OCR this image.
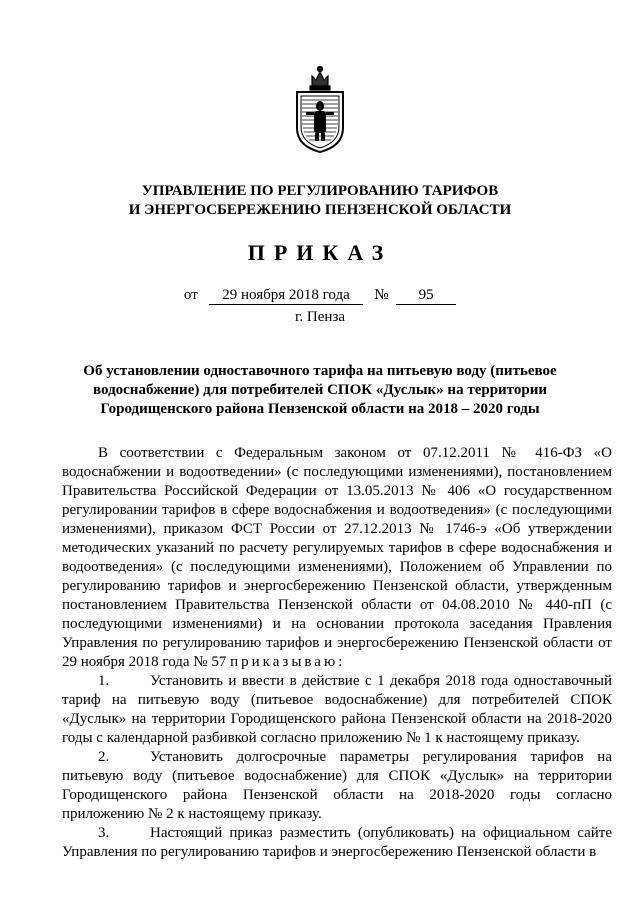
УПРАВЛЕНИЕ ПО РЕГУЛИРОВАНИЮ ТАРИФОВ
И ЭНЕРГОСБЕРЕЖЕНИЮ ПЕНЗЕНСКОЙ ОБЛАСТИ
ПРИКАЗ
от 29 ноября 2018 года № 95
г. Пенза
Об установлении одноставочного тарифа на питьевую воду (питьевое
водоснабжение) для потребителей СПОК «Дуслык» на территории
Городищенского района Пензенской области на 2018 – 2020 годы

В соответствии с Федеральным законом от 07.12.2011 № 416-ФЗ «О водоснабжении и водоотведении» (с последующими изменениями), постановлением Правительства Российской Федерации от 13.05.2013 № 406 «О государственном регулировании тарифов в сфере водоснабжения и водоотведения» (с последующими изменениями), приказом ФСТ России от 27.12.2013 № 1746-э «Об утверждении методических указаний по расчету регулируемых тарифов в сфере водоснабжения и водоотведения» (с последующими изменениями), Положением об Управлении по регулированию тарифов и энергосбережению Пензенской области, утвержденным постановлением Правительства Пензенской области от 04.08.2010 № 440-пП (с последующими изменениями) и на основании протокола заседания Правления Управления по регулированию тарифов и энергосбережению Пензенской области от 29 ноября 2018 года № 57 приказываю:

1.	Установить и ввести в действие с 1 декабря 2018 года одноставочный тариф на питьевую воду (питьевое водоснабжение) для потребителей СПОК «Дуслык» на территории Городищенского района Пензенской области на 2018-2020 годы с календарной разбивкой согласно приложению № 1 к настоящему приказу.

2.	Установить долгосрочные параметры регулирования тарифов на питьевую воду (питьевое водоснабжение) для СПОК «Дуслык» на территории Городищенского района Пензенской области на 2018-2020 годы согласно приложению № 2 к настоящему приказу.

3.	Настоящий приказ разместить (опубликовать) на официальном сайте Управления по регулированию тарифов и энергосбережению Пензенской области в
